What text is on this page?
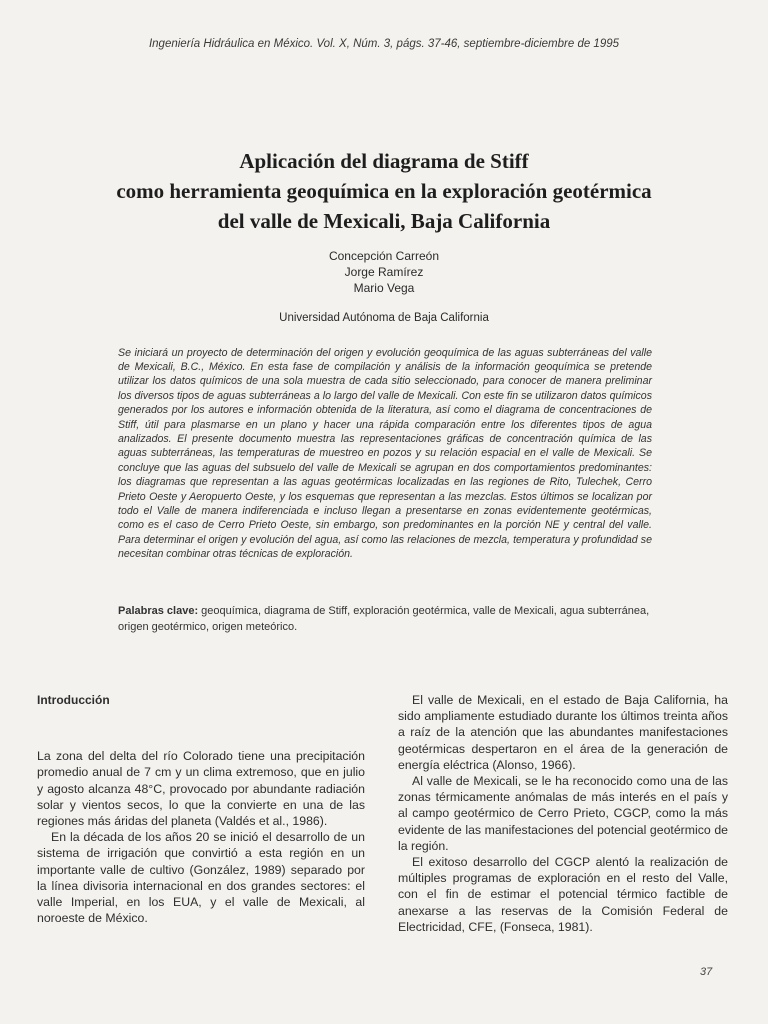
Ingeniería Hidráulica en México. Vol. X, Núm. 3, págs. 37-46, septiembre-diciembre de 1995
Aplicación del diagrama de Stiff
como herramienta geoquímica en la exploración geotérmica
del valle de Mexicali, Baja California
Concepción Carreón
Jorge Ramírez
Mario Vega
Universidad Autónoma de Baja California

Se iniciará un proyecto de determinación del origen y evolución geoquímica de las aguas subterráneas del valle de Mexicali, B.C., México. En esta fase de compilación y análisis de la información geoquímica se pretende utilizar los datos químicos de una sola muestra de cada sitio seleccionado, para conocer de manera preliminar los diversos tipos de aguas subterráneas a lo largo del valle de Mexicali. Con este fin se utilizaron datos químicos generados por los autores e información obtenida de la literatura, así como el diagrama de concentraciones de Stiff, útil para plasmarse en un plano y hacer una rápida comparación entre los diferentes tipos de agua analizados. El presente documento muestra las representaciones gráficas de concentración química de las aguas subterráneas, las temperaturas de muestreo en pozos y su relación espacial en el valle de Mexicali. Se concluye que las aguas del subsuelo del valle de Mexicali se agrupan en dos comportamientos predominantes: los diagramas que representan a las aguas geotérmicas localizadas en las regiones de Rito, Tulechek, Cerro Prieto Oeste y Aeropuerto Oeste, y los esquemas que representan a las mezclas. Estos últimos se localizan por todo el Valle de manera indiferenciada e incluso llegan a presentarse en zonas evidentemente geotérmicas, como es el caso de Cerro Prieto Oeste, sin embargo, son predominantes en la porción NE y central del valle. Para determinar el origen y evolución del agua, así como las relaciones de mezcla, temperatura y profundidad se necesitan combinar otras técnicas de exploración.

Palabras clave: geoquímica, diagrama de Stiff, exploración geotérmica, valle de Mexicali, agua subterránea, origen geotérmico, origen meteórico.
Introducción

La zona del delta del río Colorado tiene una precipitación promedio anual de 7 cm y un clima extremoso, que en julio y agosto alcanza 48°C, provocado por abundante radiación solar y vientos secos, lo que la convierte en una de las regiones más áridas del planeta (Valdés et al., 1986).

En la década de los años 20 se inició el desarrollo de un sistema de irrigación que convirtió a esta región en un importante valle de cultivo (González, 1989) separado por la línea divisoria internacional en dos grandes sectores: el valle Imperial, en los EUA, y el valle de Mexicali, al noroeste de México.

El valle de Mexicali, en el estado de Baja California, ha sido ampliamente estudiado durante los últimos treinta años a raíz de la atención que las abundantes manifestaciones geotérmicas despertaron en el área de la generación de energía eléctrica (Alonso, 1966).

Al valle de Mexicali, se le ha reconocido como una de las zonas térmicamente anómalas de más interés en el país y al campo geotérmico de Cerro Prieto, CGCP, como la más evidente de las manifestaciones del potencial geotérmico de la región.

El exitoso desarrollo del CGCP alentó la realización de múltiples programas de exploración en el resto del Valle, con el fin de estimar el potencial térmico factible de anexarse a las reservas de la Comisión Federal de Electricidad, CFE, (Fonseca, 1981).

37
